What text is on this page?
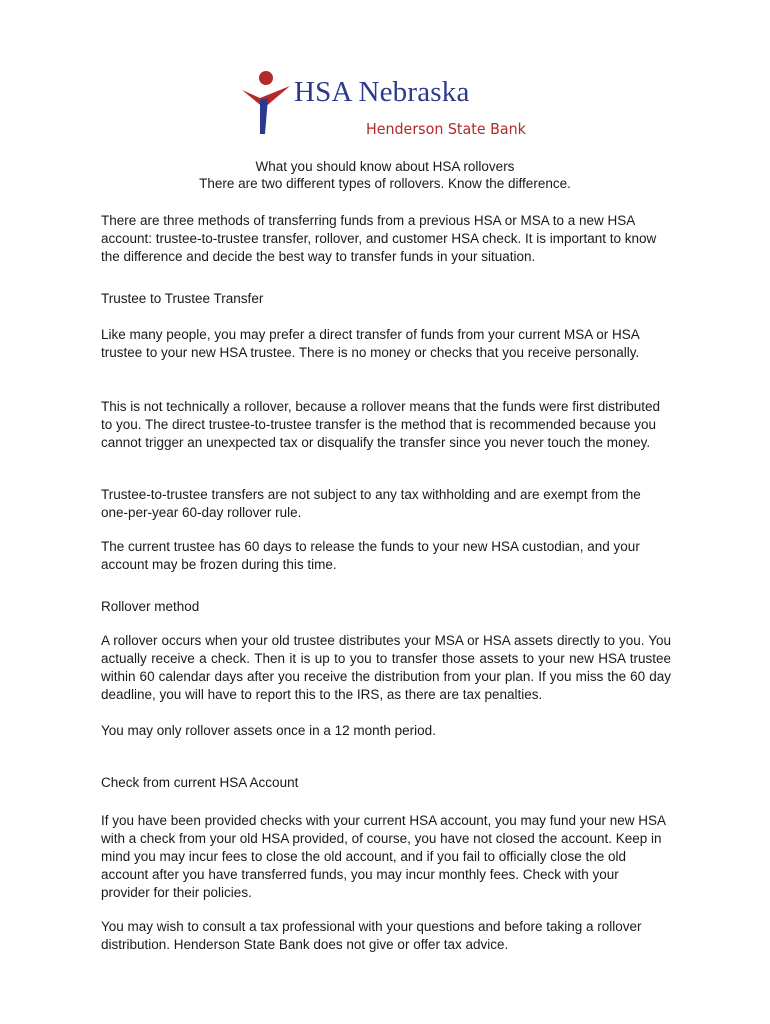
HSA Nebraska
Henderson State Bank
What you should know about HSA rollovers
There are two different types of rollovers. Know the difference.

There are three methods of transferring funds from a previous HSA or MSA to a new HSA account: trustee-to-trustee transfer, rollover, and customer HSA check. It is important to know the difference and decide the best way to transfer funds in your situation.

Trustee to Trustee Transfer

Like many people, you may prefer a direct transfer of funds from your current MSA or HSA trustee to your new HSA trustee. There is no money or checks that you receive personally.

This is not technically a rollover, because a rollover means that the funds were first distributed to you. The direct trustee-to-trustee transfer is the method that is recommended because you cannot trigger an unexpected tax or disqualify the transfer since you never touch the money.

Trustee-to-trustee transfers are not subject to any tax withholding and are exempt from the one-per-year 60-day rollover rule.

The current trustee has 60 days to release the funds to your new HSA custodian, and your account may be frozen during this time.

Rollover method

A rollover occurs when your old trustee distributes your MSA or HSA assets directly to you. You actually receive a check. Then it is up to you to transfer those assets to your new HSA trustee within 60 calendar days after you receive the distribution from your plan. If you miss the 60 day deadline, you will have to report this to the IRS, as there are tax penalties.

You may only rollover assets once in a 12 month period.

Check from current HSA Account

If you have been provided checks with your current HSA account, you may fund your new HSA with a check from your old HSA provided, of course, you have not closed the account. Keep in mind you may incur fees to close the old account, and if you fail to officially close the old account after you have transferred funds, you may incur monthly fees. Check with your provider for their policies.

You may wish to consult a tax professional with your questions and before taking a rollover distribution. Henderson State Bank does not give or offer tax advice.
